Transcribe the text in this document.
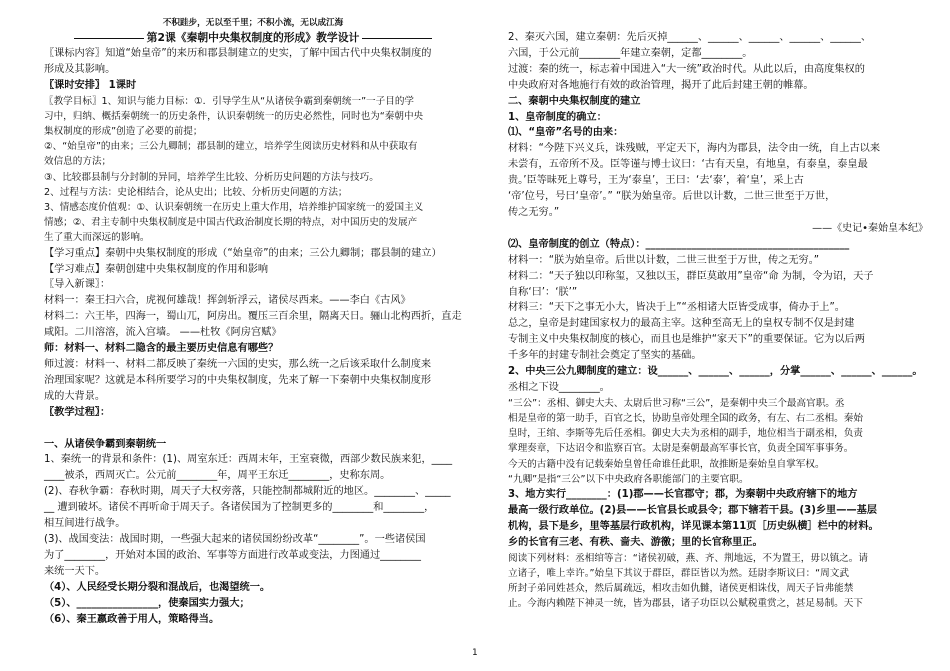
不积跬步，无以至千里；不积小流，无以成江海

第2课《秦朝中央集权制度的形成》教学设计

〖课标内容〗知道“始皇帝”的来历和郡县制建立的史实，了解中国古代中央集权制度的

形成及其影响。

〖课时安排〗 1课时

〖教学目标〗1、知识与能力目标：①．引导学生从“从诸侯争霸到秦朝统一”一子目的学

习中，归纳、概括秦朝统一的历史条件，认识秦朝统一的历史必然性，同时也为“秦朝中央

集权制度的形成”创造了必要的前提；

②、“始皇帝”的由来；三公九卿制；郡县制的建立，培养学生阅读历史材料和从中获取有

效信息的方法；

③、比较郡县制与分封制的异同，培养学生比较、分析历史问题的方法与技巧。

2、过程与方法：史论相结合，论从史出；比较、分析历史问题的方法；

3、情感态度价值观：①、认识秦朝统一在历史上重大作用，培养维护国家统一的爱国主义

情感；②、君主专制中央集权制度是中国古代政治制度长期的特点，对中国历史的发展产

生了重大而深远的影响。

【学习重点】秦朝中央集权制度的形成（“始皇帝”的由来；三公九卿制；郡县制的建立）

【学习难点】秦朝创建中央集权制度的作用和影响

〖导入新课〗：

材料一：秦王扫六合，虎视何雄哉！挥剑斩浮云，诸侯尽西来。——李白《古风》

材料二：六王毕，四海一，蜀山兀，阿房出。覆压三百余里，隔离天日。骊山北构西折，直走

咸阳。二川溶溶，流入宫墙。 ——杜牧《阿房宫赋》

师：材料一、材料二隐含的最主要历史信息有哪些？

师过渡：材料一、材料二都反映了秦统一六国的史实，那么统一之后该采取什么制度来

治理国家呢？这就是本科所要学习的中央集权制度，先来了解一下秦朝中央集权制度形

成的大背景。

〖教学过程〗：

一、从诸侯争霸到秦朝统一

1、秦统一的背景和条件：(1)、周室东迁：西周末年，王室衰微，西部少数民族来犯，____

____被杀，西周灭亡。公元前________年，周平王东迁________，史称东周。

(2)、春秋争霸：春秋时期，周天子大权旁落，只能控制都城附近的地区。________、_____

__ 遭到破坏。诸侯不再听命于周天子。各诸侯国为了控制更多的________和________，

相互间进行战争。

(3)、战国变法：战国时期，一些强大起来的诸侯国纷纷改革“________”。一些诸侯国

为了________，开始对本国的政治、军事等方面进行改革或变法，力图通过________

来统一天下。

（4）、人民经受长期分裂和混战后，也渴望统一。

（5）、________________，使秦国实力强大；

（6）、秦王嬴政善于用人，策略得当。

2、秦灭六国，建立秦朝：先后灭掉______、______、______、______、______、

六国，于公元前________年建立秦朝，定都________。

过渡：秦的统一，标志着中国进入“大一统”政治时代。从此以后，由高度集权的

中央政府对各地施行有效的政治管理，揭开了此后封建王朝的帷幕。

二、秦朝中央集权制度的建立

1、皇帝制度的确立：

⑴、“皇帝”名号的由来：

材料：“今陛下兴义兵，诛残贼，平定天下，海内为郡县，法令由一统，自上古以来

未尝有，五帝所不及。臣等谨与博士议曰：‘古有天皇，有地皇，有泰皇，泰皇最

贵。’臣等昧死上尊号，王为‘泰皇’，王曰：‘去‘泰’，着‘皇’，采上古

‘帝’位号，号曰‘皇帝’。” “朕为始皇帝。后世以计数，二世三世至于万世，

传之无穷。”

——《史记•秦始皇本纪》

⑵、皇帝制度的创立（特点）：________________________________________

材料一：“朕为始皇帝。后世以计数，二世三世至于万世，传之无穷。”

材料二：“天子独以印称玺，又独以玉，群臣莫敢用”皇帝“命 为制，令为诏，天子

自称‘曰’：‘朕’”

材料三：“天下之事无小大，皆决于上”“丞相诸大臣皆受成事，倚办于上”。

总之，皇帝是封建国家权力的最高主宰。这种至高无上的皇权专制不仅是封建

专制主义中央集权制度的核心，而且也是维护“家天下”的重要保证。它为以后两

千多年的封建专制社会奠定了坚实的基础。

2、中央三公九卿制度的建立：设______、______、______，分掌______、______、______。

丞相之下设________。

“三公”：丞相、御史大夫、太尉后世习称“三公”，是秦朝中央三个最高官职。丞

相是皇帝的第一助手，百官之长，协助皇帝处理全国的政务，有左、右二丞相。秦始

皇时，王绾、李斯等先后任丞相。御史大夫为丞相的副手，地位相当于副丞相，负责

掌理奏章，下达诏令和监察百官。太尉是秦朝最高军事长官，负责全国军事事务。

今天的古籍中没有记载秦始皇曾任命谁任此职，故推断是秦始皇自掌军权。

“九卿”是指“三公”以下中央政府各职能部门的主要官职。

3、地方实行________：(1)郡——长官郡守；郡，为秦朝中央政府辖下的地方

最高一级行政单位。(2)县——长官县长或县令；郡下辖若干县。(3)乡里——基层

机构，县下是乡，里等基层行政机构，详见课本第11页［历史纵横］栏中的材料。

乡的长官有三老、有秩、啬夫、游徼；里的长官称里正。

阅读下列材料：丞相绾等言：“诸侯初破，燕、齐、荆地远，不为置王，毋以镇之。请

立诸子，唯上幸许。”始皇下其议于群臣，群臣皆以为然。廷尉李斯议曰：“周文武

所封子弟同姓甚众，然后属疏远，相攻击如仇雠，诸侯更相诛伐，周天子旨弗能禁

止。今海内赖陛下神灵一统，皆为郡县，诸子功臣以公赋税重赏之，甚足易制。天下

1
